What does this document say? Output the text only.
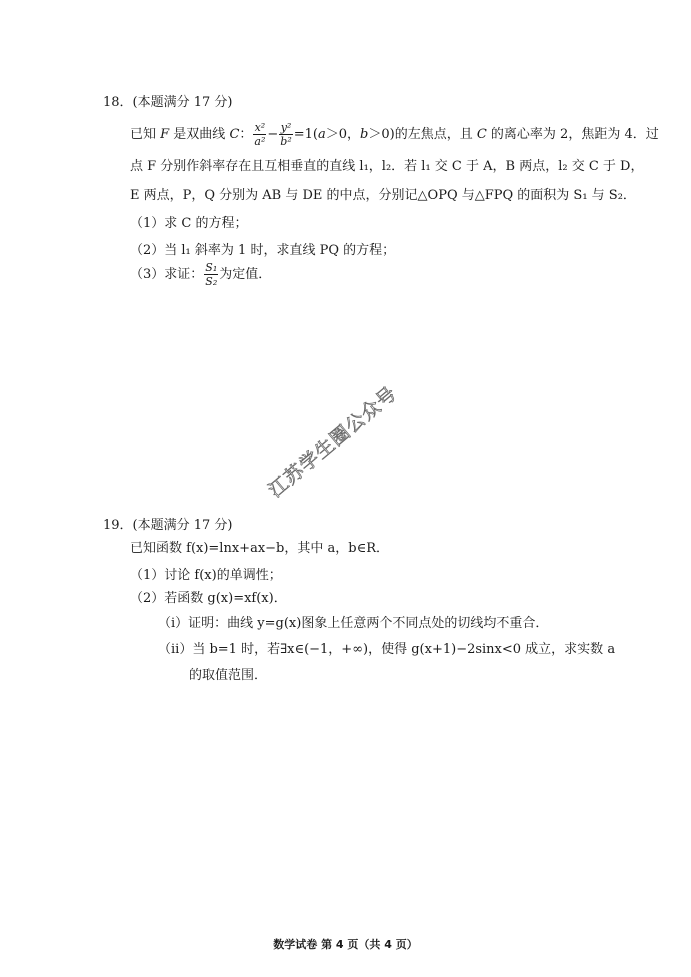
18．(本题满分 17 分)
已知 F 是双曲线 C： $\frac{\text{x²}}{\text{a²}} - \frac{\text{y²}}{\text{b²}} =1(a>0$，b＞0)的左焦点，且 C 的离心率为 2，焦距为 4．过
点 F 分别作斜率存在且互相垂直的直线 l₁，l₂．若 l₁ 交 C 于 A，B 两点，l₂ 交 C 于 D，
E 两点，P，Q 分别为 AB 与 DE 的中点，分别记△OPQ 与△FPQ 的面积为 S₁ 与 S₂．
（1）求 C 的方程；
（2）当 l₁ 斜率为 1 时，求直线 PQ 的方程；
（3）求证： $\frac{\text{S₁}}{\text{S₂}}$ 为定值．
江苏学生圈公众号
19．(本题满分 17 分)
已知函数 f(x)=lnx+ax−b，其中 a，b∈R．
（1）讨论 f(x)的单调性；
（2）若函数 g(x)=xf(x)．
（i）证明：曲线 y=g(x)图象上任意两个不同点处的切线均不重合．
（ii）当 b=1 时，若∃x∈(−1，+∞)，使得 g(x+1)−2sinx<0 成立，求实数 a
的取值范围．
数学试卷 第 4 页（共 4 页）
